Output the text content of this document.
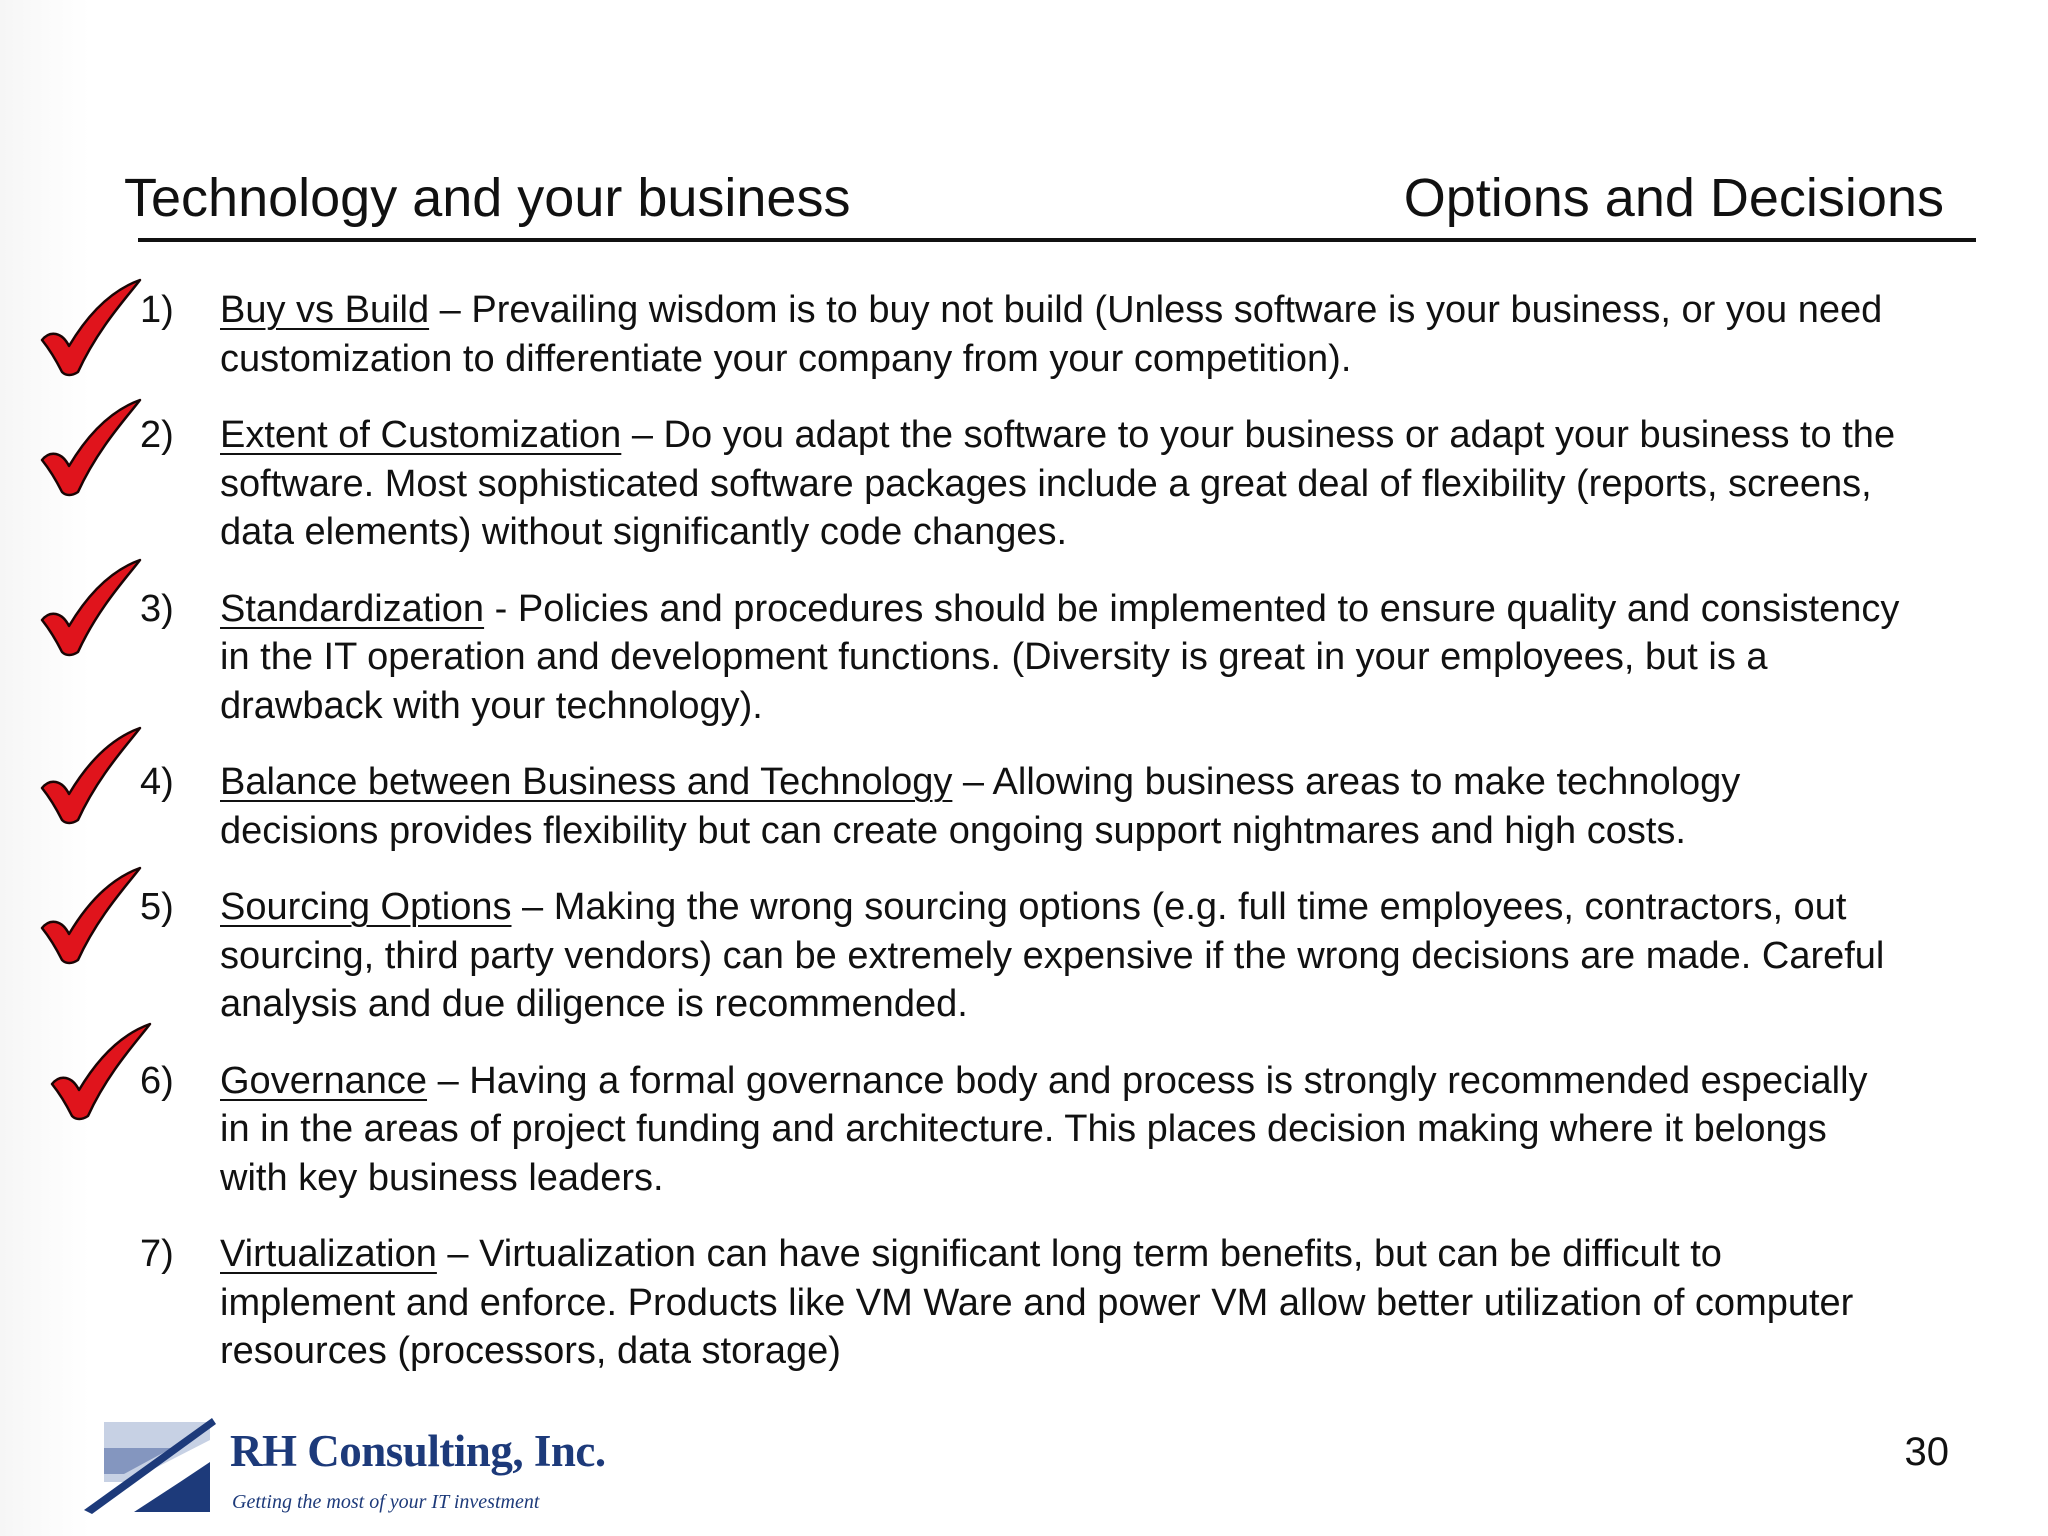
Technology and your business	Options and Decisions
1) Buy vs Build – Prevailing wisdom is to buy not build (Unless software is your business, or you need customization to differentiate your company from your competition).
2) Extent of Customization – Do you adapt the software to your business or adapt your business to the software. Most sophisticated software packages include a great deal of flexibility (reports, screens, data elements) without significantly code changes.
3) Standardization - Policies and procedures should be implemented to ensure quality and consistency in the IT operation and development functions. (Diversity is great in your employees, but is a drawback with your technology).
4) Balance between Business and Technology – Allowing business areas to make technology decisions provides flexibility but can create ongoing support nightmares and high costs.
5) Sourcing Options – Making the wrong sourcing options (e.g. full time employees, contractors, out sourcing, third party vendors) can be extremely expensive if the wrong decisions are made. Careful analysis and due diligence is recommended.
6) Governance – Having a formal governance body and process is strongly recommended especially in in the areas of project funding and architecture. This places decision making where it belongs with key business leaders.
7) Virtualization – Virtualization can have significant long term benefits, but can be difficult to implement and enforce. Products like VM Ware and power VM allow better utilization of computer resources (processors, data storage)
RH Consulting, Inc.
Getting the most of your IT investment
30
